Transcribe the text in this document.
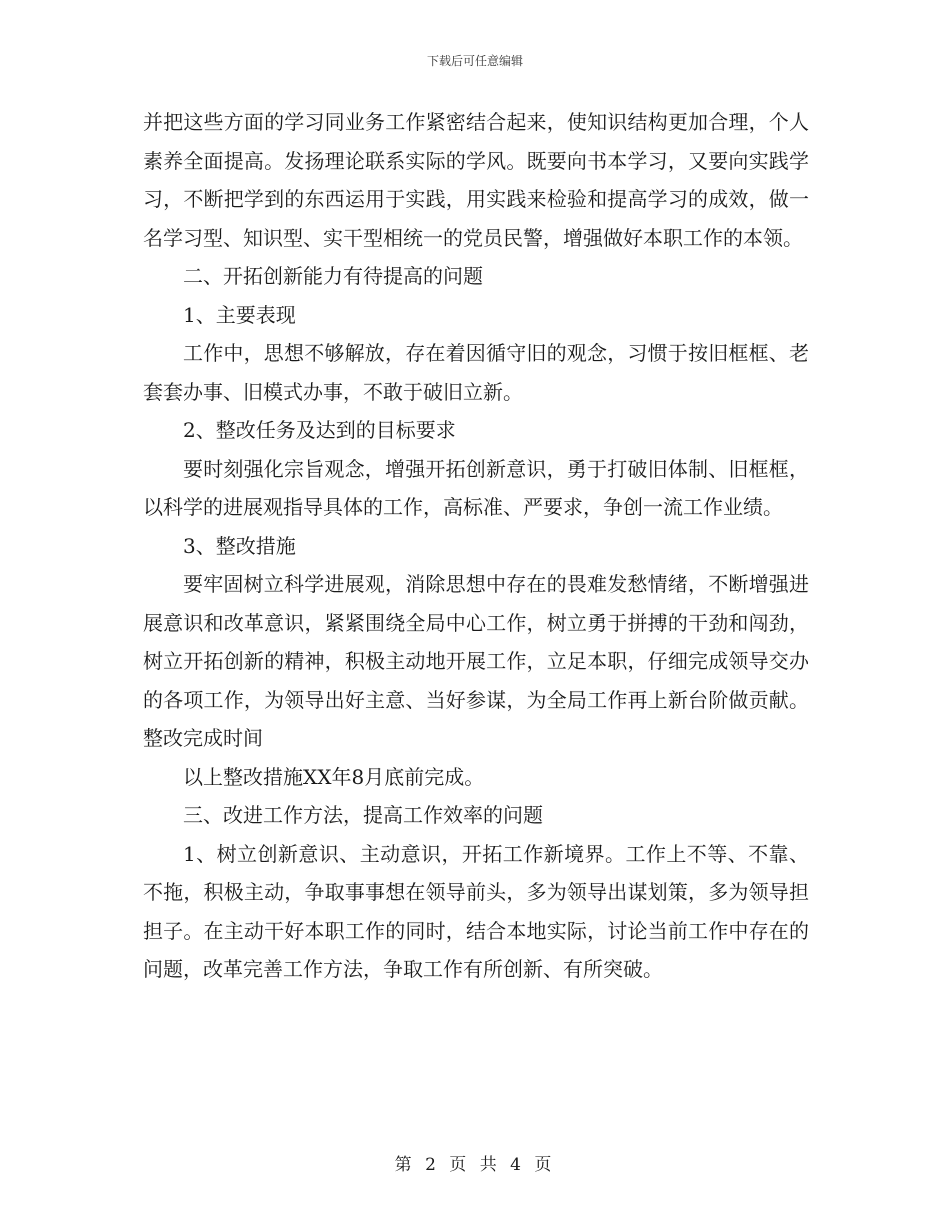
下载后可任意编辑

并把这些方面的学习同业务工作紧密结合起来，使知识结构更加合理，个人素养全面提高。发扬理论联系实际的学风。既要向书本学习，又要向实践学习，不断把学到的东西运用于实践，用实践来检验和提高学习的成效，做一名学习型、知识型、实干型相统一的党员民警，增强做好本职工作的本领。

二、开拓创新能力有待提高的问题

1、主要表现

工作中，思想不够解放，存在着因循守旧的观念，习惯于按旧框框、老套套办事、旧模式办事，不敢于破旧立新。

2、整改任务及达到的目标要求

要时刻强化宗旨观念，增强开拓创新意识，勇于打破旧体制、旧框框，以科学的进展观指导具体的工作，高标准、严要求，争创一流工作业绩。

3、整改措施

要牢固树立科学进展观，消除思想中存在的畏难发愁情绪，不断增强进展意识和改革意识，紧紧围绕全局中心工作，树立勇于拼搏的干劲和闯劲，树立开拓创新的精神，积极主动地开展工作，立足本职，仔细完成领导交办的各项工作，为领导出好主意、当好参谋，为全局工作再上新台阶做贡献。整改完成时间

以上整改措施XX年8月底前完成。

三、改进工作方法，提高工作效率的问题

1、树立创新意识、主动意识，开拓工作新境界。工作上不等、不靠、不拖，积极主动，争取事事想在领导前头，多为领导出谋划策，多为领导担担子。在主动干好本职工作的同时，结合本地实际，讨论当前工作中存在的问题，改革完善工作方法，争取工作有所创新、有所突破。

第 2 页 共 4 页
